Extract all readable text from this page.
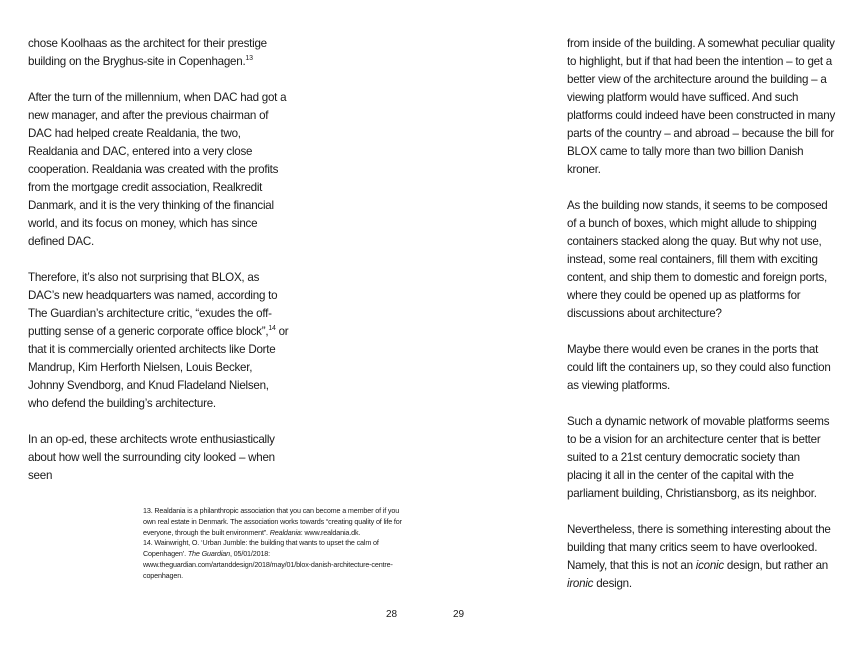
chose Koolhaas as the architect for their prestige building on the Bryghus-site in Copenhagen.$^{13}$

After the turn of the millennium, when DAC had got a new manager, and after the previous chairman of DAC had helped create Realdania, the two, Realdania and DAC, entered into a very close cooperation. Realdania was created with the profits from the mortgage credit association, Realkredit Danmark, and it is the very thinking of the financial world, and its focus on money, which has since defined DAC.

Therefore, it’s also not surprising that BLOX, as DAC’s new headquarters was named, according to The Guardian’s architecture critic, “exudes the off-putting sense of a generic corporate office block”,$^{14}$ or that it is commercially oriented architects like Dorte Mandrup, Kim Herforth Nielsen, Louis Becker, Johnny Svendborg, and Knud Fladeland Nielsen, who defend the building’s architecture.

In an op-ed, these architects wrote enthusiastically about how well the surrounding city looked – when seen

13. Realdania is a philanthropic association that you can become a member of if you own real estate in Denmark. The association works towards “creating quality of life for everyone, through the built environment”. Realdania: www.realdania.dk.

14. Wainwright, O. ‘Urban Jumble: the building that wants to upset the calm of Copenhagen’. The Guardian, 05/01/2018: www.theguardian.com/artanddesign/2018/may/01/blox-danish-architecture-centre-copenhagen.

28

from inside of the building. A somewhat peculiar quality to highlight, but if that had been the intention – to get a better view of the architecture around the building – a viewing platform would have sufficed. And such platforms could indeed have been constructed in many parts of the country – and abroad – because the bill for BLOX came to tally more than two billion Danish kroner.

As the building now stands, it seems to be composed of a bunch of boxes, which might allude to shipping containers stacked along the quay. But why not use, instead, some real containers, fill them with exciting content, and ship them to domestic and foreign ports, where they could be opened up as platforms for discussions about architecture?

Maybe there would even be cranes in the ports that could lift the containers up, so they could also function as viewing platforms.

Such a dynamic network of movable platforms seems to be a vision for an architecture center that is better suited to a 21st century democratic society than placing it all in the center of the capital with the parliament building, Christiansborg, as its neighbor.

Nevertheless, there is something interesting about the building that many critics seem to have overlooked. Namely, that this is not an iconic design, but rather an ironic design.

29
